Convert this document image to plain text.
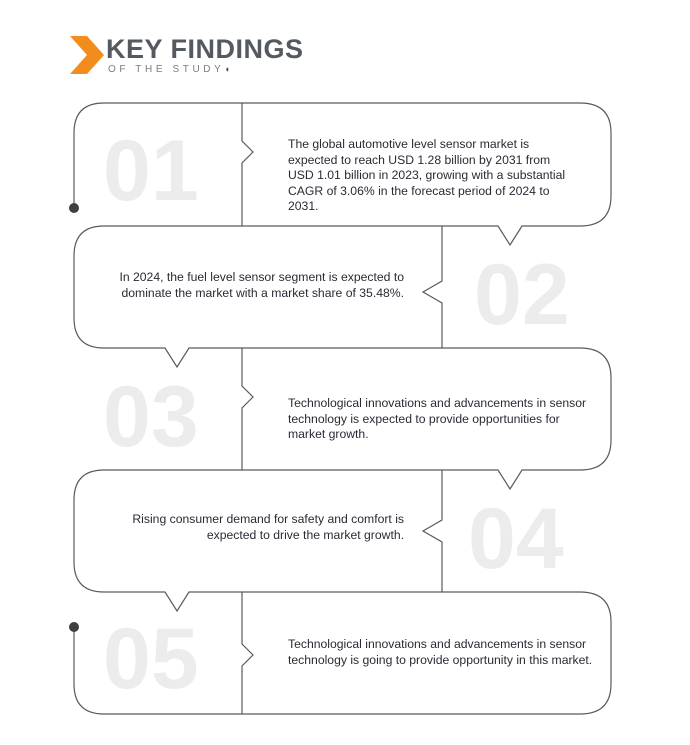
KEY FINDINGS
OF THE STUDY◖
01
02
03
04
05
The global automotive level sensor market is expected to reach USD 1.28 billion by 2031 from USD 1.01 billion in 2023, growing with a substantial CAGR of 3.06% in the forecast period of 2024 to 2031.
In 2024, the fuel level sensor segment is expected to dominate the market with a market share of 35.48%.
Technological innovations and advancements in sensor technology is expected to provide opportunities for market growth.
Rising consumer demand for safety and comfort is expected to drive the market growth.
Technological innovations and advancements in sensor technology is going to provide opportunity in this market.
